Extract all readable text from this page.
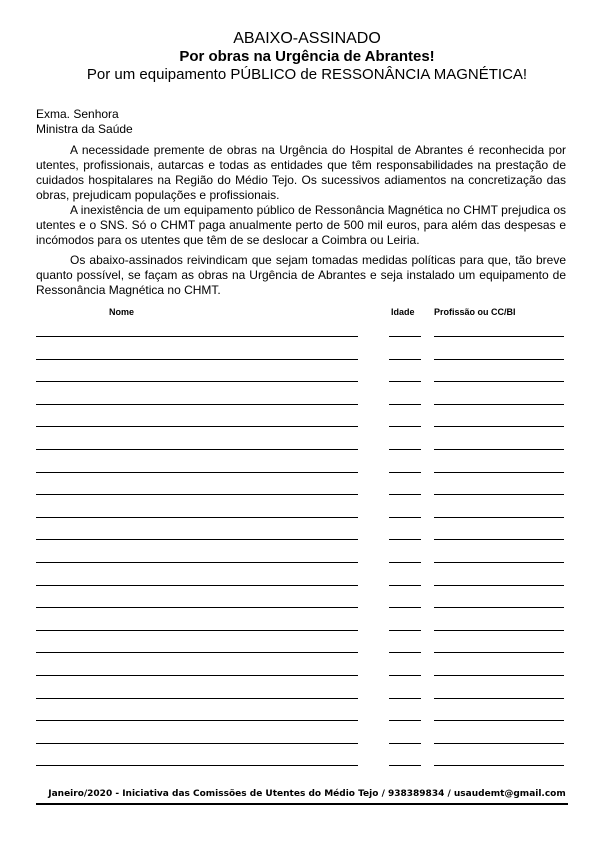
ABAIXO-ASSINADO
Por obras na Urgência de Abrantes!
Por um equipamento PÚBLICO de RESSONÂNCIA MAGNÉTICA!
Exma. Senhora
Ministra da Saúde
A necessidade premente de obras na Urgência do Hospital de Abrantes é reconhecida por utentes, profissionais, autarcas e todas as entidades que têm responsabilidades na prestação de cuidados hospitalares na Região do Médio Tejo. Os sucessivos adiamentos na concretização das obras, prejudicam populações e profissionais.
A inexistência de um equipamento público de Ressonância Magnética no CHMT prejudica os utentes e o SNS. Só o CHMT paga anualmente perto de 500 mil euros, para além das despesas e incómodos para os utentes que têm de se deslocar a Coimbra ou Leiria.
Os abaixo-assinados reivindicam que sejam tomadas medidas políticas para que, tão breve quanto possível, se façam as obras na Urgência de Abrantes e seja instalado um equipamento de Ressonância Magnética no CHMT.
Nome	Idade Profissão ou CC/BI
Janeiro/2020 - Iniciativa das Comissões de Utentes do Médio Tejo / 938389834 / usaudemt@gmail.com
